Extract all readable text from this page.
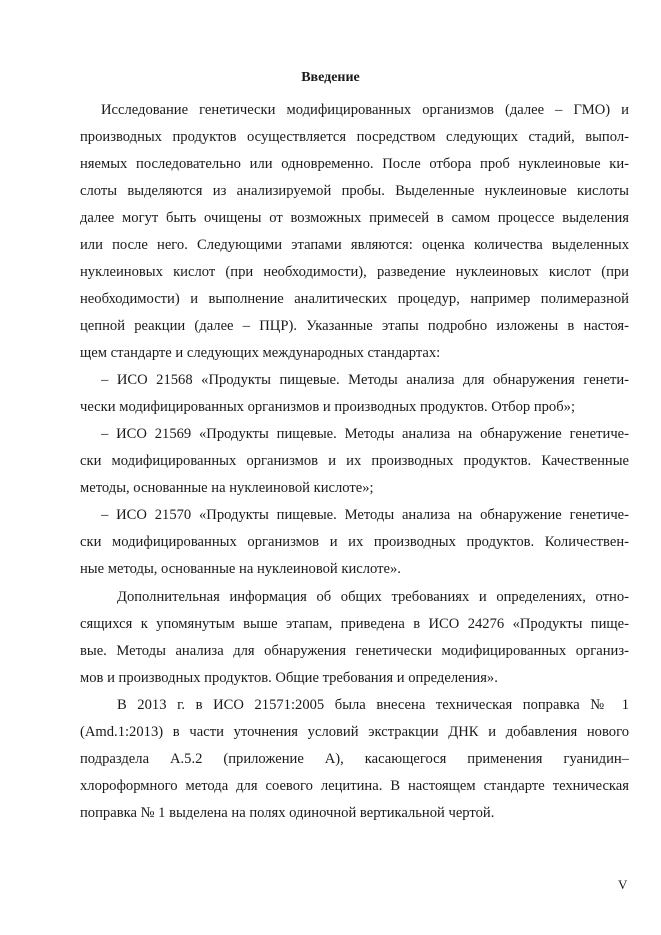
Введение
Исследование генетически модифицированных организмов (далее – ГМО) и
производных продуктов осуществляется посредством следующих стадий, выпол-
няемых последовательно или одновременно. После отбора проб нуклеиновые ки-
слоты выделяются из анализируемой пробы. Выделенные нуклеиновые кислоты
далее могут быть очищены от возможных примесей в самом процессе выделения
или после него. Следующими этапами являются: оценка количества выделенных
нуклеиновых кислот (при необходимости), разведение нуклеиновых кислот (при
необходимости) и выполнение аналитических процедур, например полимеразной
цепной реакции (далее – ПЦР). Указанные этапы подробно изложены в настоя-
щем стандарте и следующих международных стандартах:
– ИСО 21568 «Продукты пищевые. Методы анализа для обнаружения генети-
чески модифицированных организмов и производных продуктов. Отбор проб»;
– ИСО 21569 «Продукты пищевые. Методы анализа на обнаружение генетиче-
ски модифицированных организмов и их производных продуктов. Качественные
методы, основанные на нуклеиновой кислоте»;
– ИСО 21570 «Продукты пищевые. Методы анализа на обнаружение генетиче-
ски модифицированных организмов и их производных продуктов. Количествен-
ные методы, основанные на нуклеиновой кислоте».
Дополнительная информация об общих требованиях и определениях, отно-
сящихся к упомянутым выше этапам, приведена в ИСО 24276 «Продукты пище-
вые. Методы анализа для обнаружения генетически модифицированных организ-
мов и производных продуктов. Общие требования и определения».
В 2013 г. в ИСО 21571:2005 была внесена техническая поправка № 1
(Amd.1:2013) в части уточнения условий экстракции ДНК и добавления нового
подраздела А.5.2 (приложение А), касающегося применения гуанидин–
хлороформного метода для соевого лецитина. В настоящем стандарте техническая
поправка № 1 выделена на полях одиночной вертикальной чертой.
V
